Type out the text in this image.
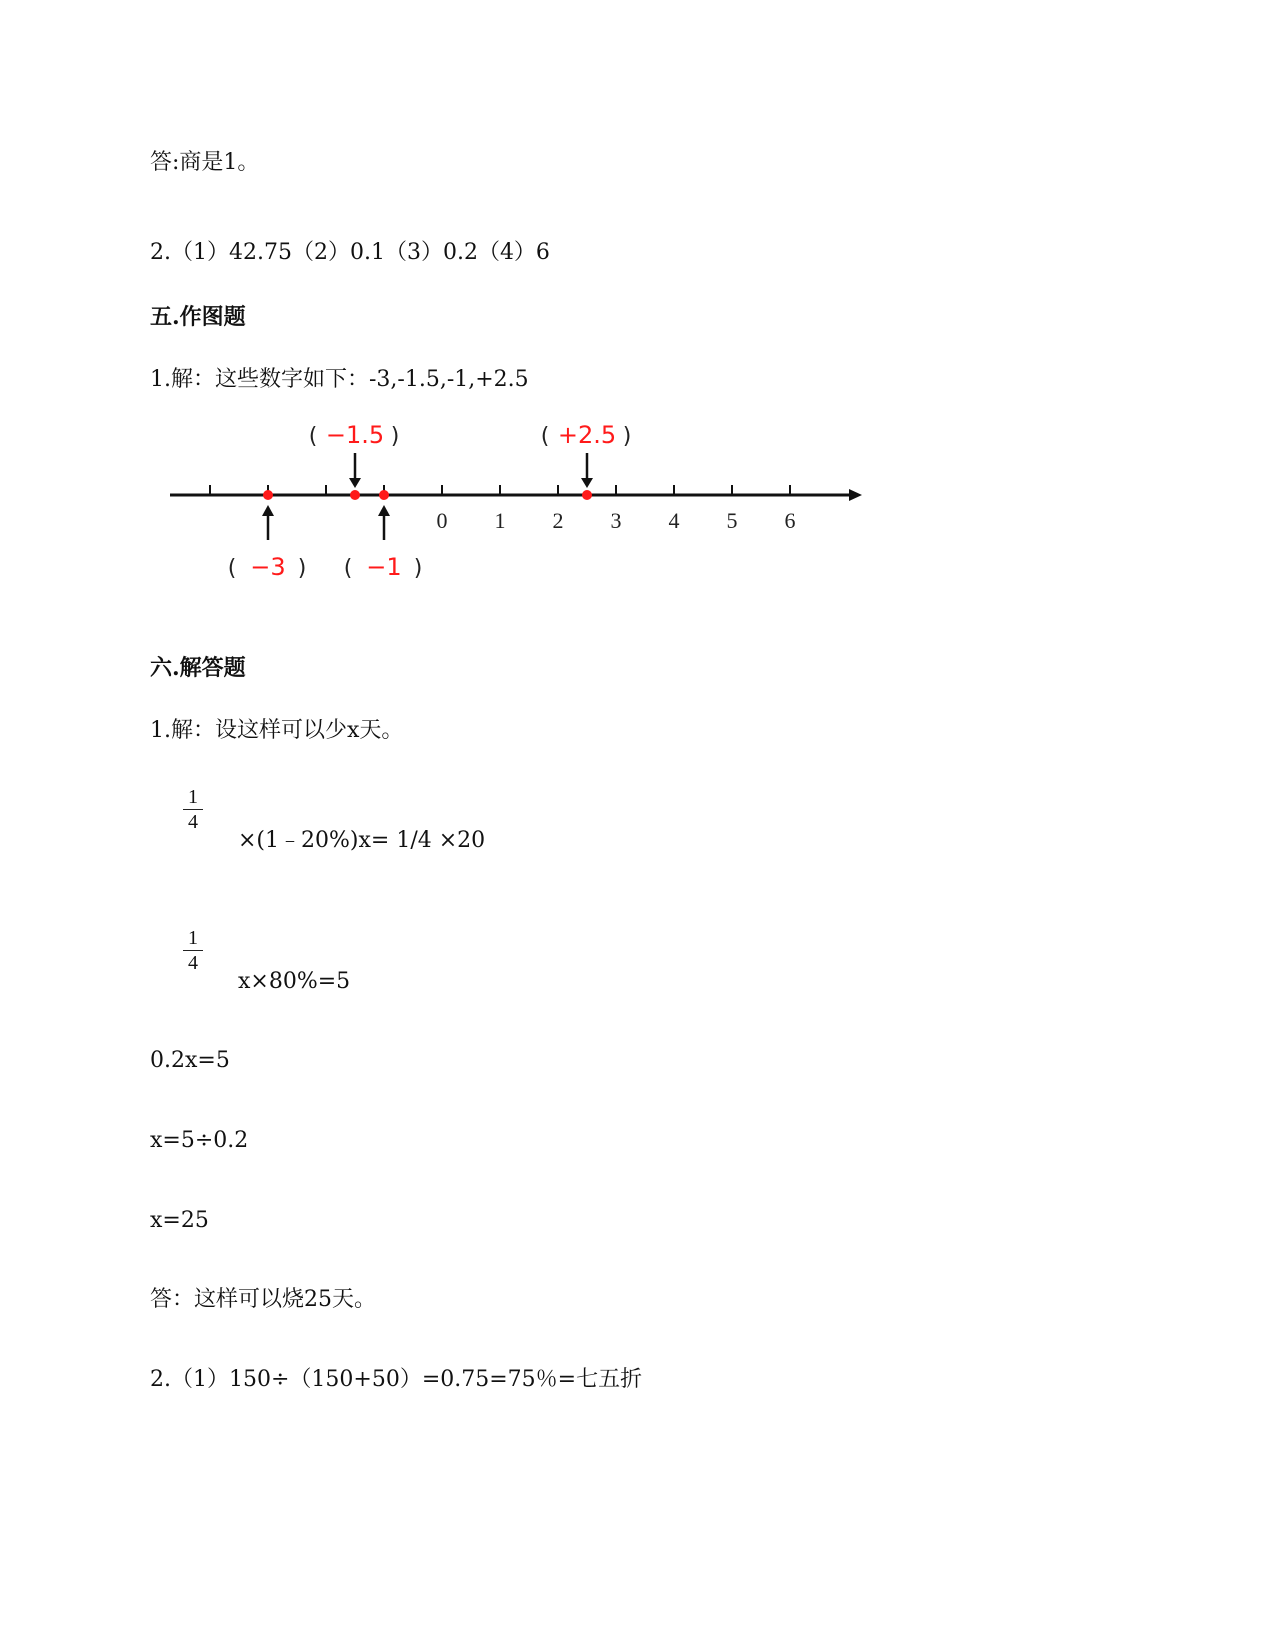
答:商是1。
2.（1）42.75（2）0.1（3）0.2（4）6
五.作图题
1.解：这些数字如下：-3,-1.5,-1,+2.5
0 1 2 3 4 5 6
( −3 )
( −1.5 )
( −1 )
( +2.5 )
六.解答题
1.解：设这样可以少x天。
1
4
×(1﹣20%)x= 1/4 ×20
1
4
x×80%=5
0.2x=5
x=5÷0.2
x=25
答：这样可以烧25天。
2.（1）150÷（150+50）=0.75=75％=七五折
